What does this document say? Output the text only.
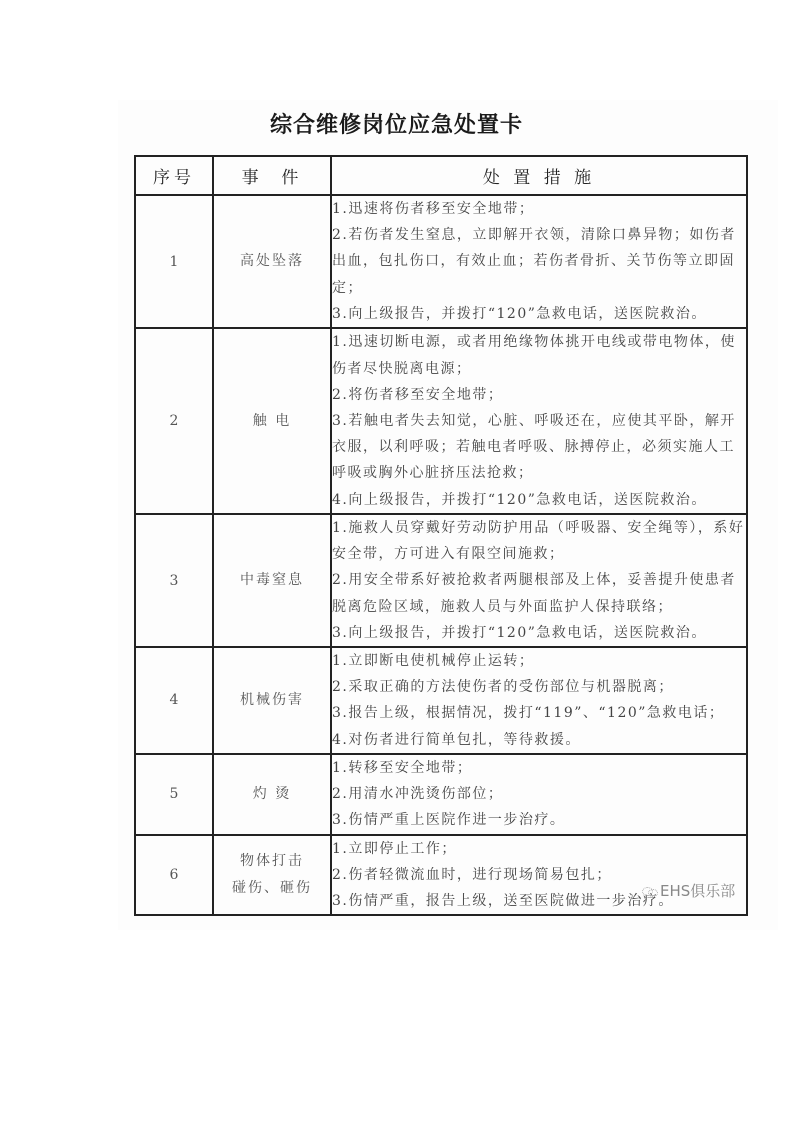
综合维修岗位应急处置卡
序号	事  件	处 置 措 施
1	高处坠落	1.迅速将伤者移至安全地带；
2.若伤者发生窒息，立即解开衣领，清除口鼻异物；如伤者出血，包扎伤口，有效止血；若伤者骨折、关节伤等立即固定；
3.向上级报告，并拨打“120”急救电话，送医院救治。

2	触 电	1.迅速切断电源，或者用绝缘物体挑开电线或带电物体，使伤者尽快脱离电源；
2.将伤者移至安全地带；
3.若触电者失去知觉，心脏、呼吸还在，应使其平卧，解开衣服，以利呼吸；若触电者呼吸、脉搏停止，必须实施人工呼吸或胸外心脏挤压法抢救；
4.向上级报告，并拨打“120”急救电话，送医院救治。

3	中毒窒息	1.施救人员穿戴好劳动防护用品（呼吸器、安全绳等），系好安全带，方可进入有限空间施救；
2.用安全带系好被抢救者两腿根部及上体，妥善提升使患者脱离危险区域，施救人员与外面监护人保持联络；
3.向上级报告，并拨打“120”急救电话，送医院救治。

4	机械伤害	1.立即断电使机械停止运转；
2.采取正确的方法使伤者的受伤部位与机器脱离；
3.报告上级，根据情况，拨打“119”、“120”急救电话；
4.对伤者进行简单包扎，等待救援。

5	灼 烫	1.转移至安全地带；
2.用清水冲洗烫伤部位；
3.伤情严重上医院作进一步治疗。

6	物体打击
碰伤、砸伤	1.立即停止工作；
2.伤者轻微流血时，进行现场简易包扎；
3.伤情严重，报告上级，送至医院做进一步治疗。
EHS俱乐部
